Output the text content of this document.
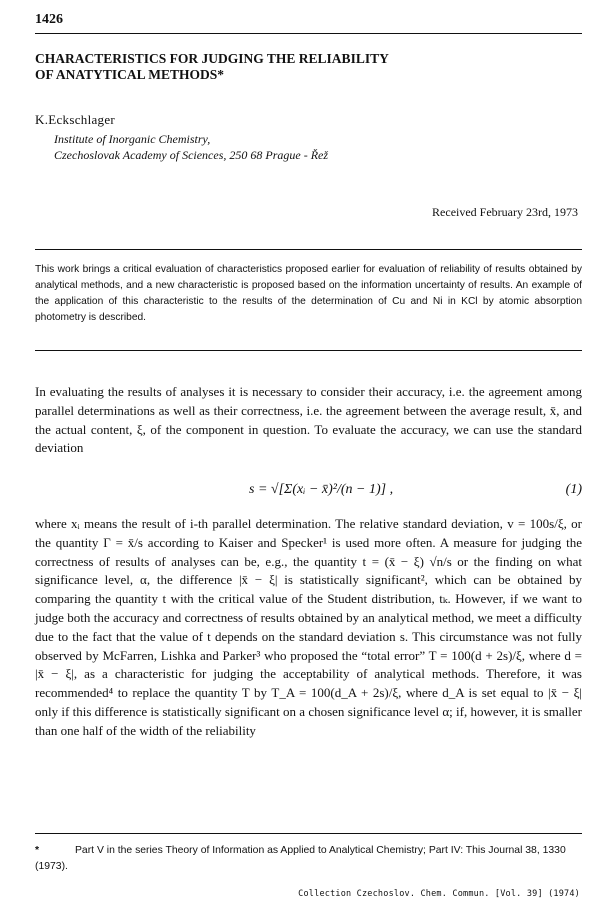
1426
CHARACTERISTICS FOR JUDGING THE RELIABILITY
OF ANATYTICAL METHODS*
K.Eckschlager
Institute of Inorganic Chemistry,
Czechoslovak Academy of Sciences, 250 68 Prague - Řež
Received February 23rd, 1973
This work brings a critical evaluation of characteristics proposed earlier for evaluation of reliability of results obtained by analytical methods, and a new characteristic is proposed based on the information uncertainty of results. An example of the application of this characteristic to the results of the determination of Cu and Ni in KCl by atomic absorption photometry is described.
In evaluating the results of analyses it is necessary to consider their accuracy, i.e. the agreement among parallel determinations as well as their correctness, i.e. the agreement between the average result, x̄, and the actual content, ξ, of the component in question. To evaluate the accuracy, we can use the standard deviation
s = √[Σ(xᵢ − x̄)²/(n − 1)] ,	(1)
where xᵢ means the result of i-th parallel determination. The relative standard deviation, v = 100s/ξ, or the quantity Γ = x̄/s according to Kaiser and Specker¹ is used more often. A measure for judging the correctness of results of analyses can be, e.g., the quantity t = (x̄ − ξ) √n/s or the finding on what significance level, α, the difference |x̄ − ξ| is statistically significant², which can be obtained by comparing the quantity t with the critical value of the Student distribution, tₖ. However, if we want to judge both the accuracy and correctness of results obtained by an analytical method, we meet a difficulty due to the fact that the value of t depends on the standard deviation s. This circumstance was not fully observed by McFarren, Lishka and Parker³ who proposed the “total error” T = 100(d + 2s)/ξ, where d = |x̄ − ξ|, as a characteristic for judging the acceptability of analytical methods. Therefore, it was recommended⁴ to replace the quantity T by T_A = 100(d_A + 2s)/ξ, where d_A is set equal to |x̄ − ξ| only if this difference is statistically significant on a chosen significance level α; if, however, it is smaller than one half of the width of the reliability
*	Part V in the series Theory of Information as Applied to Analytical Chemistry; Part IV: This Journal 38, 1330 (1973).
Collection Czechoslov. Chem. Commun. [Vol. 39] (1974)
